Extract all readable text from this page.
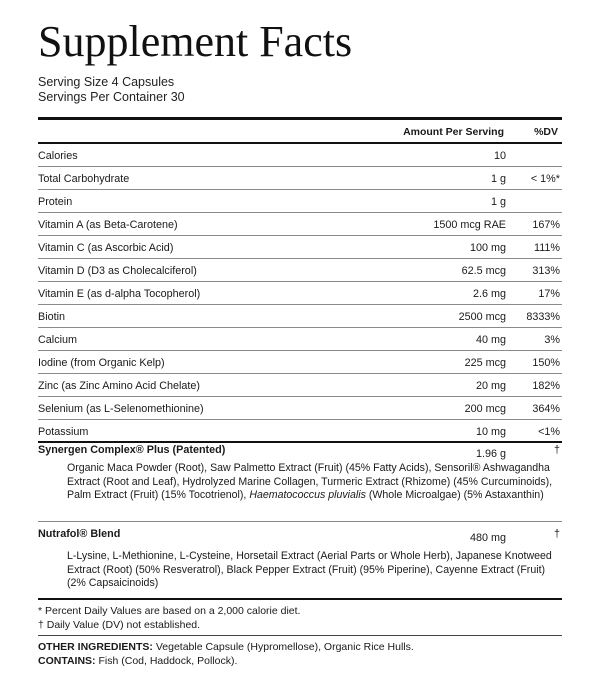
Supplement Facts
Serving Size 4 Capsules
Servings Per Container 30
Amount Per Serving	%DV
Calories	10
Total Carbohydrate	1 g < 1%*
Protein	1 g
Vitamin A (as Beta-Carotene)	1500 mcg RAE 167%
Vitamin C (as Ascorbic Acid)	100 mg	111%
Vitamin D (D3 as Cholecalciferol)	62.5 mcg 313%
Vitamin E (as d-alpha Tocopherol)	2.6 mg	17%
Biotin	2500 mcg 8333%
Calcium	40 mg	3%
Iodine (from Organic Kelp)	225 mcg 150%
Zinc (as Zinc Amino Acid Chelate)	20 mg 182%
Selenium (as L-Selenomethionine)	200 mcg 364%
Potassium	10 mg	<1%
Synergen Complex® Plus (Patented)	1.96 g	†
Organic Maca Powder (Root), Saw Palmetto Extract (Fruit) (45% Fatty Acids), Sensoril® Ashwagandha Extract (Root and Leaf), Hydrolyzed Marine Collagen, Turmeric Extract (Rhizome) (45% Curcuminoids), Palm Extract (Fruit) (15% Tocotrienol), Haematococcus pluvialis (Whole Microalgae) (5% Astaxanthin)
Nutrafol® Blend	480 mg	†
L-Lysine, L-Methionine, L-Cysteine, Horsetail Extract (Aerial Parts or Whole Herb), Japanese Knotweed Extract (Root) (50% Resveratrol), Black Pepper Extract (Fruit) (95% Piperine), Cayenne Extract (Fruit) (2% Capsaicinoids)
* Percent Daily Values are based on a 2,000 calorie diet.
† Daily Value (DV) not established.
OTHER INGREDIENTS: Vegetable Capsule (Hypromellose), Organic Rice Hulls.
CONTAINS: Fish (Cod, Haddock, Pollock).
